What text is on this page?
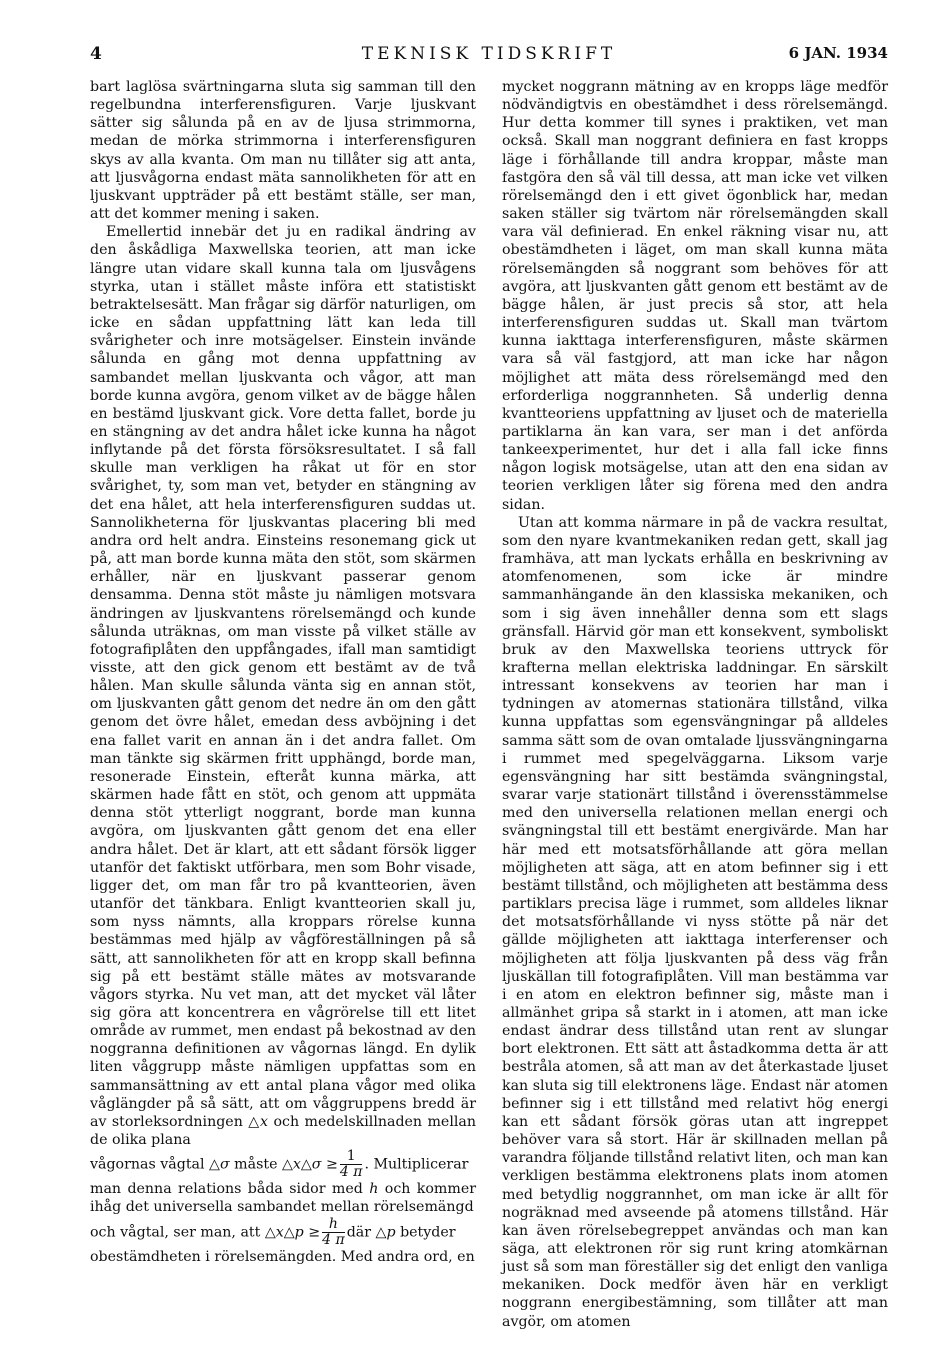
4	TEKNISK TIDSKRIFT	6 JAN. 1934

bart laglösa svärtningarna sluta sig samman till den regelbundna interferensfiguren. Varje ljuskvant sätter sig sålunda på en av de ljusa strimmorna, medan de mörka strimmorna i interferensfiguren skys av alla kvanta. Om man nu tillåter sig att anta, att ljusvågorna endast mäta sannolikheten för att en ljuskvant uppträder på ett bestämt ställe, ser man, att det kommer mening i saken.

Emellertid innebär det ju en radikal ändring av den åskådliga Maxwellska teorien, att man icke längre utan vidare skall kunna tala om ljusvågens styrka, utan i stället måste införa ett statistiskt betraktelsesätt. Man frågar sig därför naturligen, om icke en sådan uppfattning lätt kan leda till svårigheter och inre motsägelser. Einstein invände sålunda en gång mot denna uppfattning av sambandet mellan ljuskvanta och vågor, att man borde kunna avgöra, genom vilket av de bägge hålen en bestämd ljuskvant gick. Vore detta fallet, borde ju en stängning av det andra hålet icke kunna ha något inflytande på det första försöksresultatet. I så fall skulle man verkligen ha råkat ut för en stor svårighet, ty, som man vet, betyder en stängning av det ena hålet, att hela interferensfiguren suddas ut. Sannolikheterna för ljuskvantas placering bli med andra ord helt andra. Einsteins resonemang gick ut på, att man borde kunna mäta den stöt, som skärmen erhåller, när en ljuskvant passerar genom densamma. Denna stöt måste ju nämligen motsvara ändringen av ljuskvantens rörelsemängd och kunde sålunda uträknas, om man visste på vilket ställe av fotografiplåten den uppfångades, ifall man samtidigt visste, att den gick genom ett bestämt av de två hålen. Man skulle sålunda vänta sig en annan stöt, om ljuskvanten gått genom det nedre än om den gått genom det övre hålet, emedan dess avböjning i det ena fallet varit en annan än i det andra fallet. Om man tänkte sig skärmen fritt upphängd, borde man, resonerade Einstein, efteråt kunna märka, att skärmen hade fått en stöt, och genom att uppmäta denna stöt ytterligt noggrant, borde man kunna avgöra, om ljuskvanten gått genom det ena eller andra hålet. Det är klart, att ett sådant försök ligger utanför det faktiskt utförbara, men som Bohr visade, ligger det, om man får tro på kvantteorien, även utanför det tänkbara. Enligt kvantteorien skall ju, som nyss nämnts, alla kroppars rörelse kunna bestämmas med hjälp av vågföreställningen på så sätt, att sannolikheten för att en kropp skall befinna sig på ett bestämt ställe mätes av motsvarande vågors styrka. Nu vet man, att det mycket väl låter sig göra att koncentrera en vågrörelse till ett litet område av rummet, men endast på bekostnad av den noggranna definitionen av vågornas längd. En dylik liten våggrupp måste nämligen uppfattas som en sammansättning av ett antal plana vågor med olika våglängder på så sätt, att om våggruppens bredd är av storleksordningen △x och medelskillnaden mellan de olika plana

vågornas vågtal △σ måste △x△σ ≥ $\frac{1}{4 \pi}$ . Multiplicerar

man denna relations båda sidor med h och kommer ihåg det universella sambandet mellan rörelsemängd

och vågtal, ser man, att △x△p ≥ $\frac{h}{4 \pi}$ där △p betyder

obestämdheten i rörelsemängden. Med andra ord, en

mycket noggrann mätning av en kropps läge medför nödvändigtvis en obestämdhet i dess rörelsemängd. Hur detta kommer till synes i praktiken, vet man också. Skall man noggrant definiera en fast kropps läge i förhållande till andra kroppar, måste man fastgöra den så väl till dessa, att man icke vet vilken rörelsemängd den i ett givet ögonblick har, medan saken ställer sig tvärtom när rörelsemängden skall vara väl definierad. En enkel räkning visar nu, att obestämdheten i läget, om man skall kunna mäta rörelsemängden så noggrant som behöves för att avgöra, att ljuskvanten gått genom ett bestämt av de bägge hålen, är just precis så stor, att hela interferensfiguren suddas ut. Skall man tvärtom kunna iakttaga interferensfiguren, måste skärmen vara så väl fastgjord, att man icke har någon möjlighet att mäta dess rörelsemängd med den erforderliga noggrannheten. Så underlig denna kvantteoriens uppfattning av ljuset och de materiella partiklarna än kan vara, ser man i det anförda tankeexperimentet, hur det i alla fall icke finns någon logisk motsägelse, utan att den ena sidan av teorien verkligen låter sig förena med den andra sidan.

Utan att komma närmare in på de vackra resultat, som den nyare kvantmekaniken redan gett, skall jag framhäva, att man lyckats erhålla en beskrivning av atomfenomenen, som icke är mindre sammanhängande än den klassiska mekaniken, och som i sig även innehåller denna som ett slags gränsfall. Härvid gör man ett konsekvent, symboliskt bruk av den Maxwellska teoriens uttryck för krafterna mellan elektriska laddningar. En särskilt intressant konsekvens av teorien har man i tydningen av atomernas stationära tillstånd, vilka kunna uppfattas som egensvängningar på alldeles samma sätt som de ovan omtalade ljussvängningarna i rummet med spegelväggarna. Liksom varje egensvängning har sitt bestämda svängningstal, svarar varje stationärt tillstånd i överensstämmelse med den universella relationen mellan energi och svängningstal till ett bestämt energivärde. Man har här med ett motsatsförhållande att göra mellan möjligheten att säga, att en atom befinner sig i ett bestämt tillstånd, och möjligheten att bestämma dess partiklars precisa läge i rummet, som alldeles liknar det motsatsförhållande vi nyss stötte på när det gällde möjligheten att iakttaga interferenser och möjligheten att följa ljuskvanten på dess väg från ljuskällan till fotografiplåten. Vill man bestämma var i en atom en elektron befinner sig, måste man i allmänhet gripa så starkt in i atomen, att man icke endast ändrar dess tillstånd utan rent av slungar bort elektronen. Ett sätt att åstadkomma detta är att bestråla atomen, så att man av det återkastade ljuset kan sluta sig till elektronens läge. Endast när atomen befinner sig i ett tillstånd med relativt hög energi kan ett sådant försök göras utan att ingreppet behöver vara så stort. Här är skillnaden mellan på varandra följande tillstånd relativt liten, och man kan verkligen bestämma elektronens plats inom atomen med betydlig noggrannhet, om man icke är allt för nogräknad med avseende på atomens tillstånd. Här kan även rörelsebegreppet användas och man kan säga, att elektronen rör sig runt kring atomkärnan just så som man föreställer sig det enligt den vanliga mekaniken. Dock medför även här en verkligt noggrann energibestämning, som tillåter att man avgör, om atomen
